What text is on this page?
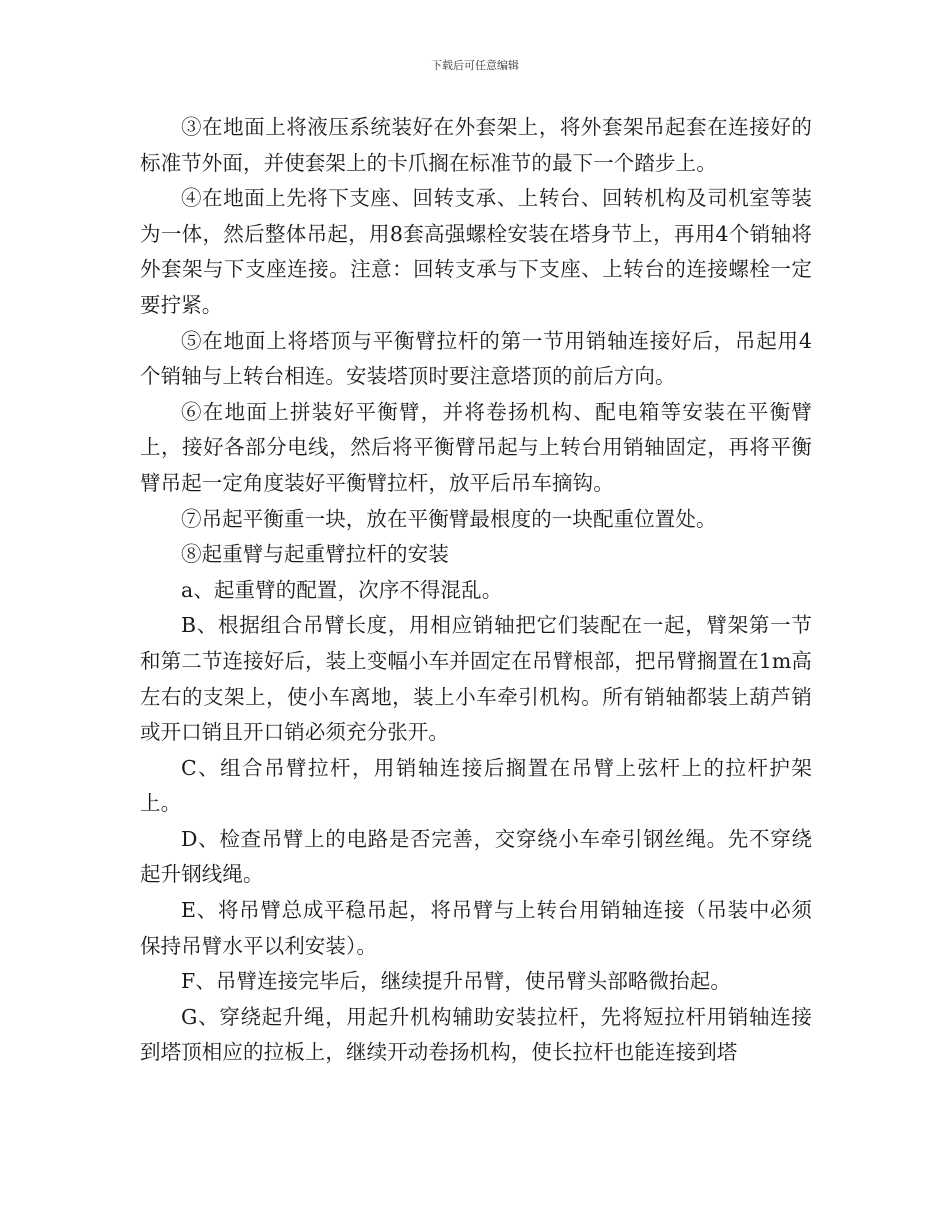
下载后可任意编辑

③在地面上将液压系统装好在外套架上，将外套架吊起套在连接好的标准节外面，并使套架上的卡爪搁在标准节的最下一个踏步上。

④在地面上先将下支座、回转支承、上转台、回转机构及司机室等装为一体，然后整体吊起，用8套高强螺栓安装在塔身节上，再用4个销轴将外套架与下支座连接。注意：回转支承与下支座、上转台的连接螺栓一定要拧紧。

⑤在地面上将塔顶与平衡臂拉杆的第一节用销轴连接好后，吊起用4个销轴与上转台相连。安装塔顶时要注意塔顶的前后方向。

⑥在地面上拼装好平衡臂，并将卷扬机构、配电箱等安装在平衡臂上，接好各部分电线，然后将平衡臂吊起与上转台用销轴固定，再将平衡臂吊起一定角度装好平衡臂拉杆，放平后吊车摘钩。

⑦吊起平衡重一块，放在平衡臂最根度的一块配重位置处。

⑧起重臂与起重臂拉杆的安装

a、起重臂的配置，次序不得混乱。

B、根据组合吊臂长度，用相应销轴把它们装配在一起，臂架第一节和第二节连接好后，装上变幅小车并固定在吊臂根部，把吊臂搁置在1m高左右的支架上，使小车离地，装上小车牵引机构。所有销轴都装上葫芦销或开口销且开口销必须充分张开。

C、组合吊臂拉杆，用销轴连接后搁置在吊臂上弦杆上的拉杆护架上。

D、检查吊臂上的电路是否完善，交穿绕小车牵引钢丝绳。先不穿绕起升钢线绳。

E、将吊臂总成平稳吊起，将吊臂与上转台用销轴连接（吊装中必须保持吊臂水平以利安装）。

F、吊臂连接完毕后，继续提升吊臂，使吊臂头部略微抬起。

G、穿绕起升绳，用起升机构辅助安装拉杆，先将短拉杆用销轴连接到塔顶相应的拉板上，继续开动卷扬机构，使长拉杆也能连接到塔
